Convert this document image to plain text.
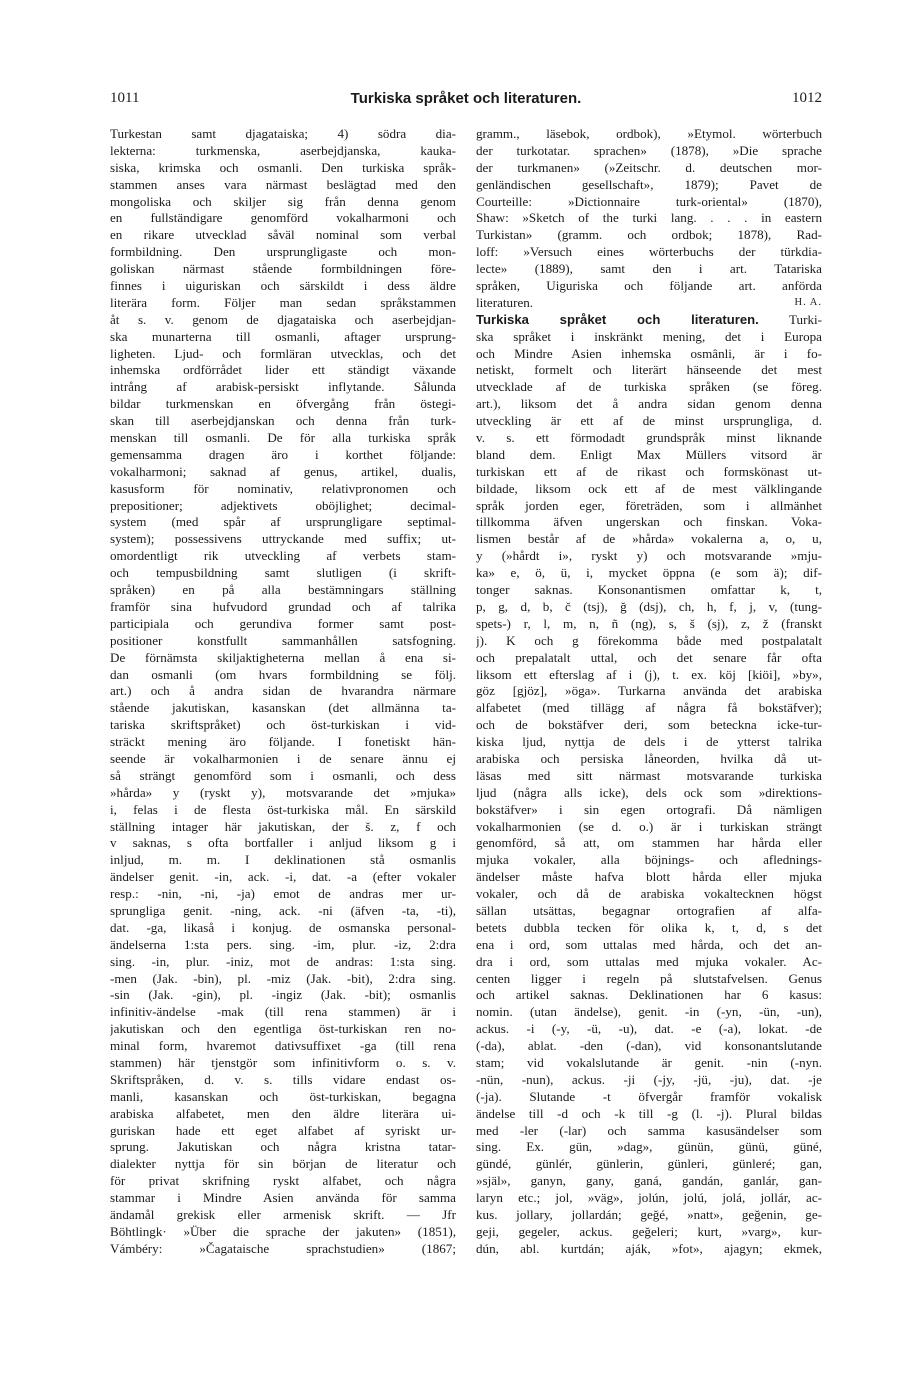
1011	Turkiska språket och literaturen.	1012
Turkestan samt djagataiska; 4) södra dia-
lekterna: turkmenska, aserbejdjanska, kauka-
siska, krimska och osmanli. Den turkiska språk-
stammen anses vara närmast beslägtad med den
mongoliska och skiljer sig från denna genom
en fullständigare genomförd vokalharmoni och
en rikare utvecklad såväl nominal som verbal
formbildning. Den ursprungligaste och mon-
goliskan närmast stående formbildningen före-
finnes i uiguriskan och särskildt i dess äldre
literära form. Följer man sedan språkstammen
åt s. v. genom de djagataiska och aserbejdjan-
ska munarterna till osmanli, aftager ursprung-
ligheten. Ljud- och formläran utvecklas, och det
inhemska ordförrådet lider ett ständigt växande
intrång af arabisk-persiskt inflytande. Sålunda
bildar turkmenskan en öfvergång från östegi-
skan till aserbejdjanskan och denna från turk-
menskan till osmanli. De för alla turkiska språk
gemensamma dragen äro i korthet följande:
vokalharmoni; saknad af genus, artikel, dualis,
kasusform för nominativ, relativpronomen och
prepositioner; adjektivets oböjlighet; decimal-
system (med spår af ursprungligare septimal-
system); possessivens uttryckande med suffix; ut-
omordentligt rik utveckling af verbets stam-
och tempusbildning samt slutligen (i skrift-
språken) en på alla bestämningars ställning
framför sina hufvudord grundad och af talrika
participiala och gerundiva former samt post-
positioner konstfullt sammanhållen satsfogning.
De förnämsta skiljaktigheterna mellan å ena si-
dan osmanli (om hvars formbildning se följ.
art.) och å andra sidan de hvarandra närmare
stående jakutiskan, kasanskan (det allmänna ta-
tariska skriftspråket) och öst-turkiskan i vid-
sträckt mening äro följande. I fonetiskt hän-
seende är vokalharmonien i de senare ännu ej
så strängt genomförd som i osmanli, och dess
»hårda» y (ryskt y), motsvarande det »mjuka»
i, felas i de flesta öst-turkiska mål. En särskild
ställning intager här jakutiskan, der š. z, f och
v saknas, s ofta bortfaller i anljud liksom g i
inljud, m. m. I deklinationen stå osmanlis
ändelser genit. -in, ack. -i, dat. -a (efter vokaler
resp.: -nin, -ni, -ja) emot de andras mer ur-
sprungliga genit. -ning, ack. -ni (äfven -ta, -ti),
dat. -ga, likaså i konjug. de osmanska personal-
ändelserna 1:sta pers. sing. -im, plur. -iz, 2:dra
sing. -in, plur. -iniz, mot de andras: 1:sta sing.
-men (Jak. -bin), pl. -miz (Jak. -bit), 2:dra sing.
-sin (Jak. -gin), pl. -ingiz (Jak. -bit); osmanlis
infinitiv-ändelse -mak (till rena stammen) är i
jakutiskan och den egentliga öst-turkiskan ren no-
minal form, hvaremot dativsuffixet -ga (till rena
stammen) här tjenstgör som infinitivform o. s. v.
Skriftspråken, d. v. s. tills vidare endast os-
manli, kasanskan och öst-turkiskan, begagna
arabiska alfabetet, men den äldre literära ui-
guriskan hade ett eget alfabet af syriskt ur-
sprung. Jakutiskan och några kristna tatar-
dialekter nyttja för sin början de literatur och
för privat skrifning ryskt alfabet, och några
stammar i Mindre Asien använda för samma
ändamål grekisk eller armenisk skrift. — Jfr
Böhtlingk· »Über die sprache der jakuten» (1851),
Vámbéry: »Čagataische sprachstudien» (1867;
gramm., läsebok, ordbok), »Etymol. wörterbuch
der turkotatar. sprachen» (1878), »Die sprache
der turkmanen» (»Zeitschr. d. deutschen mor-
genländischen gesellschaft», 1879); Pavet de
Courteille: »Dictionnaire turk-oriental» (1870),
Shaw: »Sketch of the turki lang. . . . in eastern
Turkistan» (gramm. och ordbok; 1878), Rad-
loff: »Versuch eines wörterbuchs der türkdia-
lecte» (1889), samt den i art. Tatariska
språken, Uiguriska och följande art. anförda
literaturen.	H. A.
Turkiska språket och literaturen. Turki-
ska språket i inskränkt mening, det i Europa
och Mindre Asien inhemska osmânli, är i fo-
netiskt, formelt och literärt hänseende det mest
utvecklade af de turkiska språken (se föreg.
art.), liksom det å andra sidan genom denna
utveckling är ett af de minst ursprungliga, d.
v. s. ett förmodadt grundspråk minst liknande
bland dem. Enligt Max Müllers vitsord är
turkiskan ett af de rikast och formskönast ut-
bildade, liksom ock ett af de mest välklingande
språk jorden eger, företräden, som i allmänhet
tillkomma äfven ungerskan och finskan. Voka-
lismen består af de »hårda» vokalerna a, o, u,
y (»hårdt i», ryskt y) och motsvarande »mju-
ka» e, ö, ü, i, mycket öppna (e som ä); dif-
tonger saknas. Konsonantismen omfattar k, t,
p, g, d, b, č (tsj), ğ (dsj), ch, h, f, j, v, (tung-
spets-) r, l, m, n, ñ (ng), s, š (sj), z, ž (franskt
j). K och g förekomma både med postpalatalt
och prepalatalt uttal, och det senare får ofta
liksom ett efterslag af i (j), t. ex. köj [kiöi], »by»,
göz [gjöz], »öga». Turkarna använda det arabiska
alfabetet (med tillägg af några få bokstäfver);
och de bokstäfver deri, som beteckna icke-tur-
kiska ljud, nyttja de dels i de ytterst talrika
arabiska och persiska låneorden, hvilka då ut-
läsas med sitt närmast motsvarande turkiska
ljud (några alls icke), dels ock som »direktions-
bokstäfver» i sin egen ortografi. Då nämligen
vokalharmonien (se d. o.) är i turkiskan strängt
genomförd, så att, om stammen har hårda eller
mjuka vokaler, alla böjnings- och aflednings-
ändelser måste hafva blott hårda eller mjuka
vokaler, och då de arabiska vokaltecknen högst
sällan utsättas, begagnar ortografien af alfa-
betets dubbla tecken för olika k, t, d, s det
ena i ord, som uttalas med hårda, och det an-
dra i ord, som uttalas med mjuka vokaler. Ac-
centen ligger i regeln på slutstafvelsen. Genus
och artikel saknas. Deklinationen har 6 kasus:
nomin. (utan ändelse), genit. -in (-yn, -ün, -un),
ackus. -i (-y, -ü, -u), dat. -e (-a), lokat. -de
(-da), ablat. -den (-dan), vid konsonantslutande
stam; vid vokalslutande är genit. -nin (-nyn.
-nün, -nun), ackus. -ji (-jy, -jü, -ju), dat. -je
(-ja). Slutande -t öfvergår framför vokalisk
ändelse till -d och -k till -g (l. -j). Plural bildas
med -ler (-lar) och samma kasusändelser som
sing. Ex. gün, »dag», günün, günü, güné,
gündé, günlér, günlerin, günleri, günleré; gan,
»själ», ganyn, gany, ganá, gandán, ganlár, gan-
laryn etc.; jol, »väg», jolún, jolú, jolá, jollár, ac-
kus. jollary, jollardán; geğé, »natt», geğenin, ge-
geji, gegeler, ackus. geğeleri; kurt, »varg», kur-
dún, abl. kurtdán; aják, »fot», ajagyn; ekmek,
